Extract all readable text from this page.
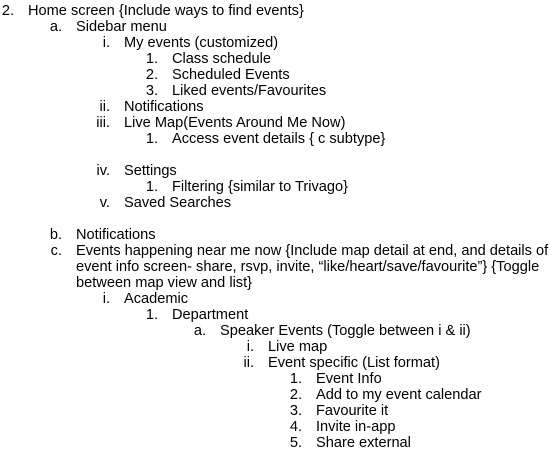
2. Home screen {Include ways to find events}
a. Sidebar menu
i. My events (customized)
1. Class schedule
2. Scheduled Events
3. Liked events/Favourites
ii. Notifications
iii. Live Map(Events Around Me Now)
1. Access event details { c subtype}
iv. Settings
1. Filtering {similar to Trivago}
v. Saved Searches
b. Notifications
c. Events happening near me now {Include map detail at end, and details of
event info screen- share, rsvp, invite, “like/heart/save/favourite”} {Toggle
between map view and list}
i. Academic
1. Department
a. Speaker Events (Toggle between i & ii)
i. Live map
ii. Event specific (List format)
1. Event Info
2. Add to my event calendar
3. Favourite it
4. Invite in-app
5. Share external
